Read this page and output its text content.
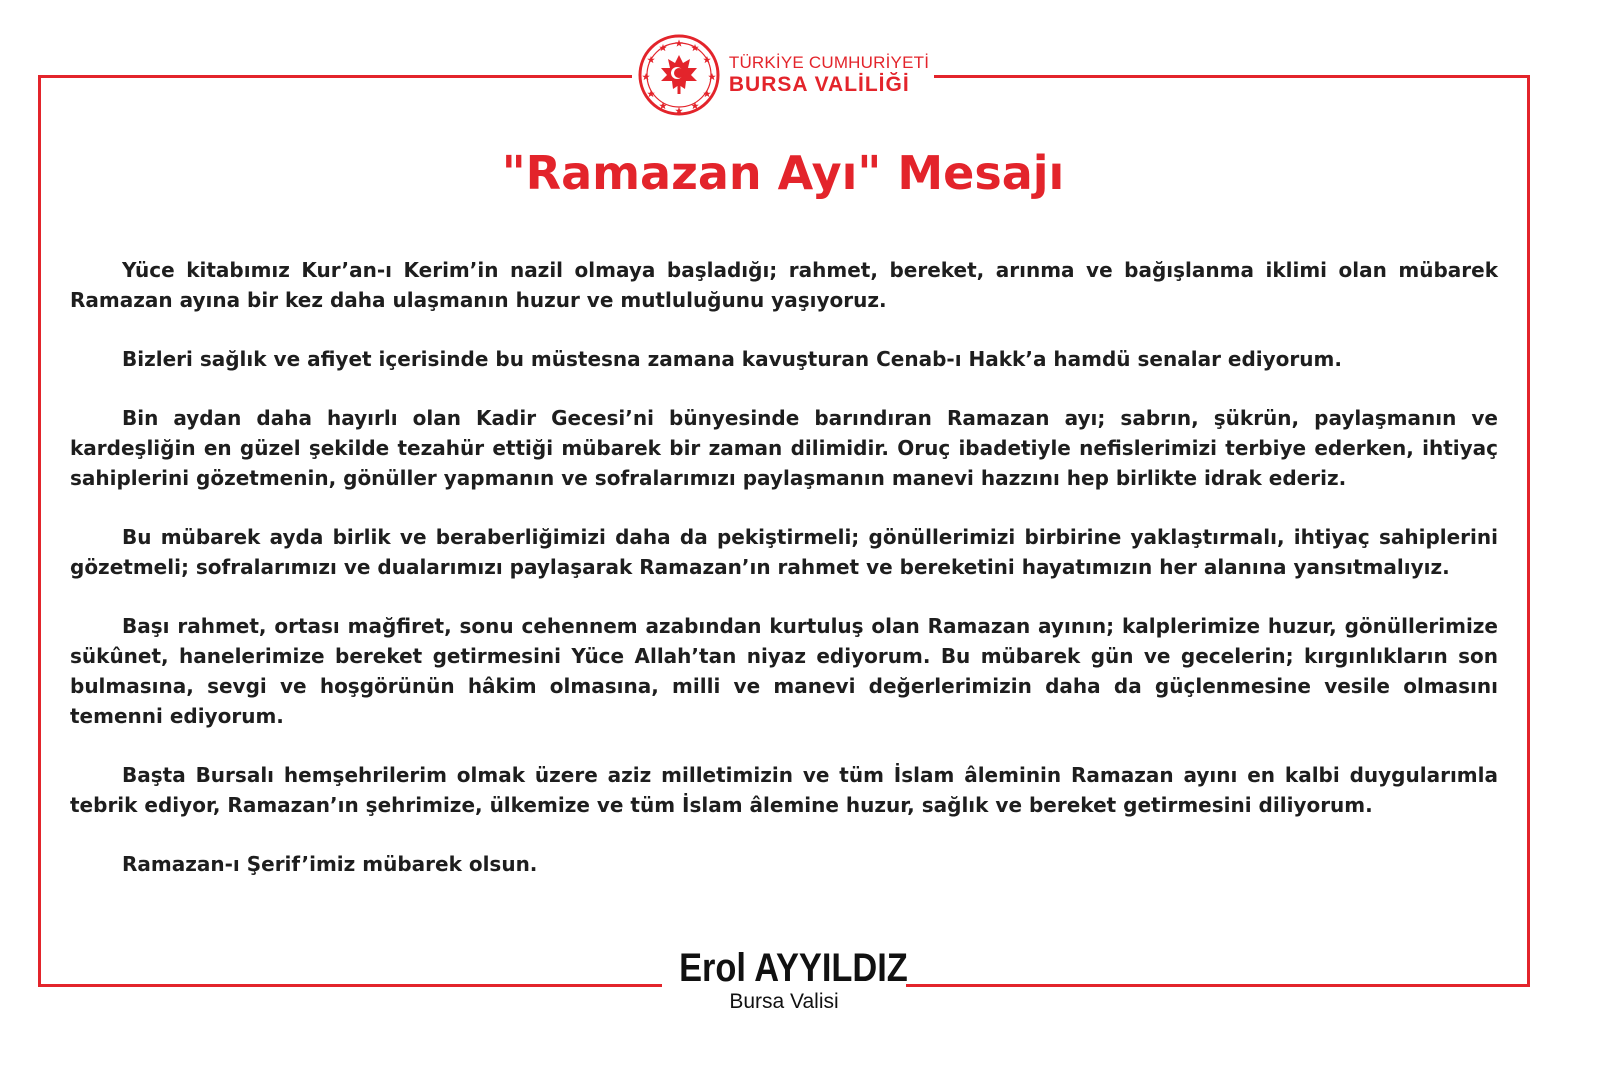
TÜRKİYE CUMHURİYETİ
BURSA VALİLİĞİ
"Ramazan Ayı" Mesajı

Yüce kitabımız Kur’an-ı Kerim’in nazil olmaya başladığı; rahmet, bereket, arınma ve bağışlanma iklimi olan mübarek Ramazan ayına bir kez daha ulaşmanın huzur ve mutluluğunu yaşıyoruz.

Bizleri sağlık ve afiyet içerisinde bu müstesna zamana kavuşturan Cenab-ı Hakk’a hamdü senalar ediyorum.

Bin aydan daha hayırlı olan Kadir Gecesi’ni bünyesinde barındıran Ramazan ayı; sabrın, şükrün, paylaşmanın ve kardeşliğin en güzel şekilde tezahür ettiği mübarek bir zaman dilimidir. Oruç ibadetiyle nefislerimizi terbiye ederken, ihtiyaç sahiplerini gözetmenin, gönüller yapmanın ve sofralarımızı paylaşmanın manevi hazzını hep birlikte idrak ederiz.

Bu mübarek ayda birlik ve beraberliğimizi daha da pekiştirmeli; gönüllerimizi birbirine yaklaştırmalı, ihtiyaç sahiplerini gözetmeli; sofralarımızı ve dualarımızı paylaşarak Ramazan’ın rahmet ve bereketini hayatımızın her alanına yansıtmalıyız.

Başı rahmet, ortası mağfiret, sonu cehennem azabından kurtuluş olan Ramazan ayının; kalplerimize huzur, gönüllerimize sükûnet, hanelerimize bereket getirmesini Yüce Allah’tan niyaz ediyorum. Bu mübarek gün ve gecelerin; kırgınlıkların son bulmasına, sevgi ve hoşgörünün hâkim olmasına, milli ve manevi değerlerimizin daha da güçlenmesine vesile olmasını temenni ediyorum.

Başta Bursalı hemşehrilerim olmak üzere aziz milletimizin ve tüm İslam âleminin Ramazan ayını en kalbi duygularımla tebrik ediyor, Ramazan’ın şehrimize, ülkemize ve tüm İslam âlemine huzur, sağlık ve bereket getirmesini diliyorum.

Ramazan-ı Şerif’imiz mübarek olsun.

Erol AYYILDIZ
Bursa Valisi
